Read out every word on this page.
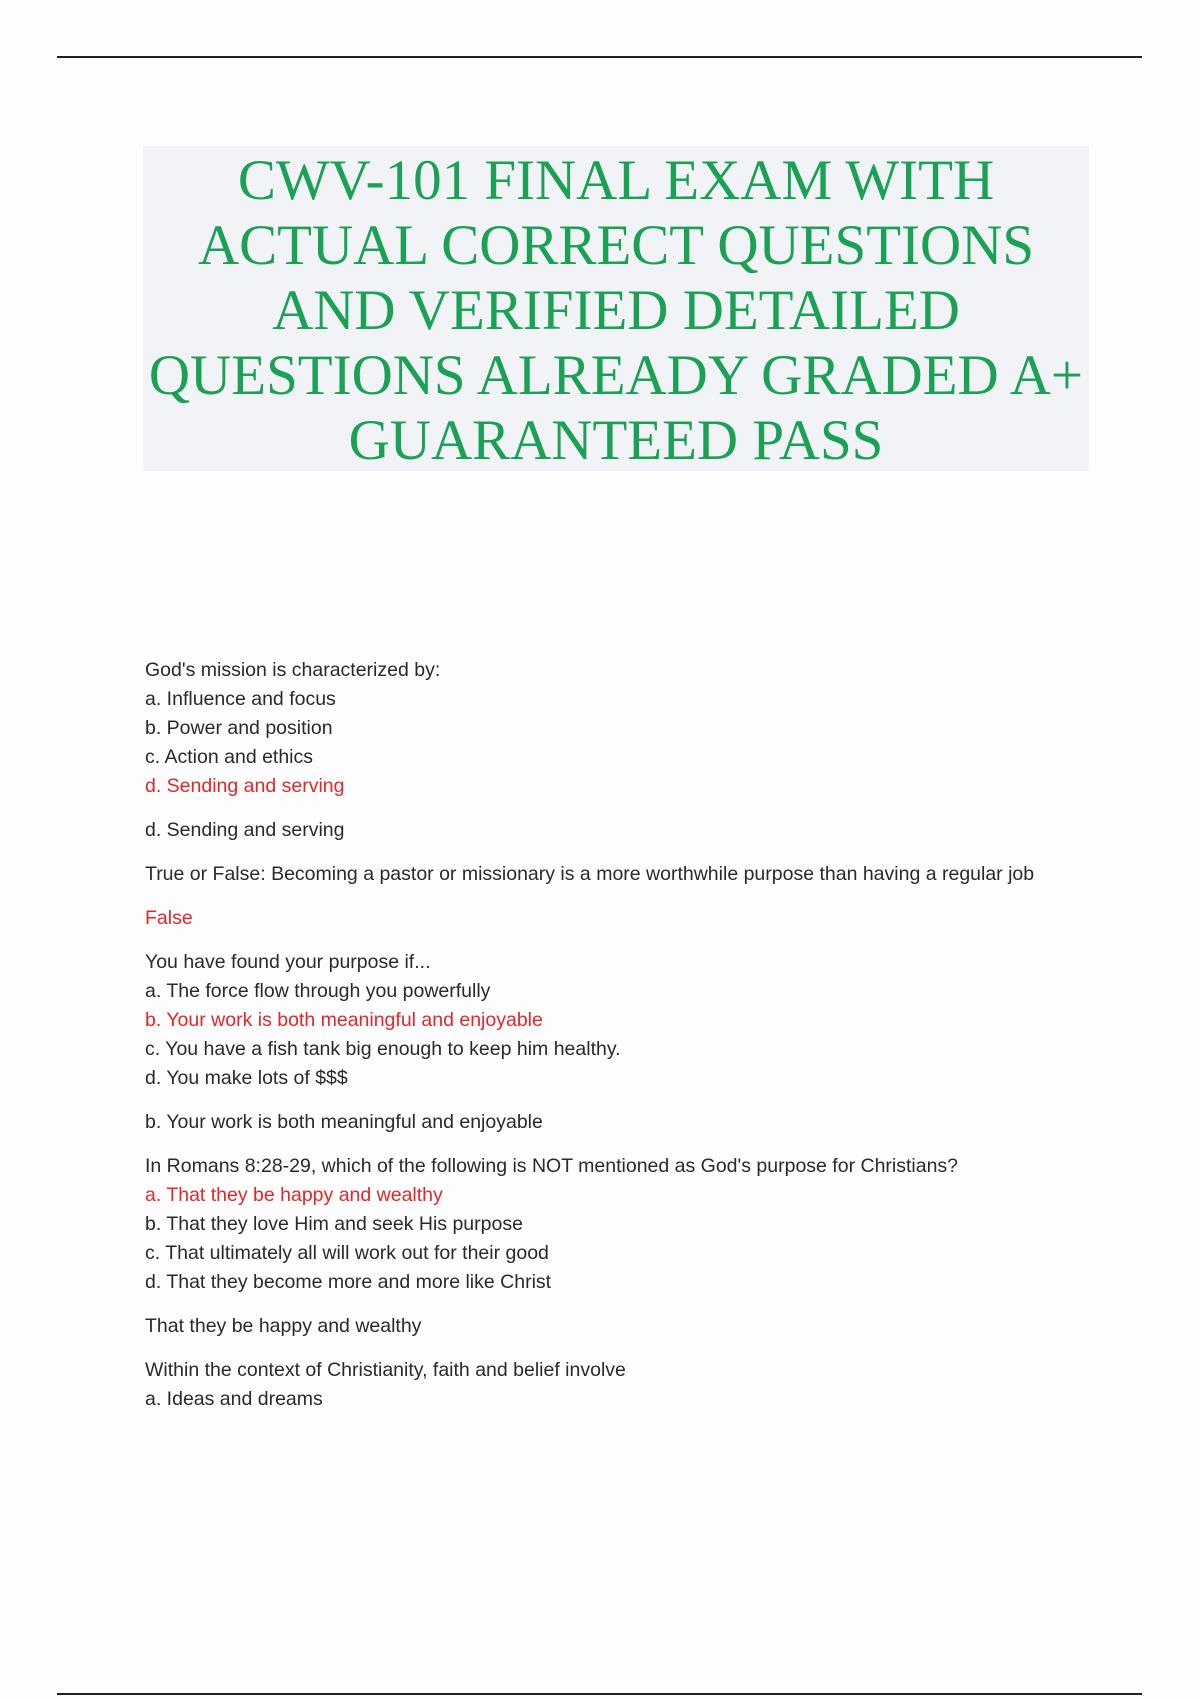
CWV-101 FINAL EXAM WITH
ACTUAL CORRECT QUESTIONS
AND VERIFIED DETAILED
QUESTIONS ALREADY GRADED A+
GUARANTEED PASS
God's mission is characterized by:
a. Influence and focus
b. Power and position
c. Action and ethics
d. Sending and serving
d. Sending and serving
True or False: Becoming a pastor or missionary is a more worthwhile purpose than having a regular job
False
You have found your purpose if...
a. The force flow through you powerfully
b. Your work is both meaningful and enjoyable
c. You have a fish tank big enough to keep him healthy.
d. You make lots of $$$
b. Your work is both meaningful and enjoyable
In Romans 8:28-29, which of the following is NOT mentioned as God's purpose for Christians?
a. That they be happy and wealthy
b. That they love Him and seek His purpose
c. That ultimately all will work out for their good
d. That they become more and more like Christ
That they be happy and wealthy
Within the context of Christianity, faith and belief involve
a. Ideas and dreams
